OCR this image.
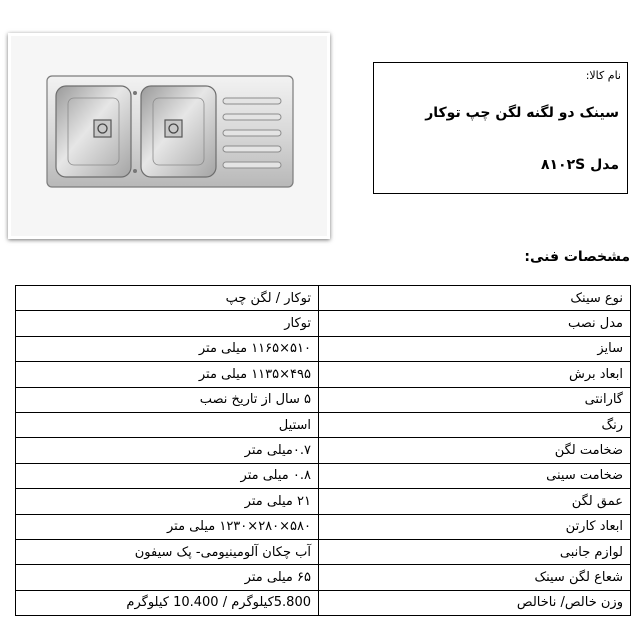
نام کالا:
سینک دو لگنه لگن چپ توکار
مدل ۸۱۰۲S
مشخصات فنی:
نوع سینک	توکار / لگن چپ
مدل نصب	توکار
سایز	۵۱۰×۱۱۶۵ میلی متر
ابعاد برش	۴۹۵×۱۱۳۵ میلی متر
گارانتی	۵ سال از تاریخ نصب
رنگ	استیل
ضخامت لگن	۰.۷میلی متر
ضخامت سینی	۰.۸ میلی متر
عمق لگن	۲۱ میلی متر
ابعاد کارتن	۵۸۰×۲۸۰×۱۲۳۰ میلی متر
لوازم جانبی	آب چکان آلومینیومی- پک سیفون
شعاع لگن سینک	۶۵ میلی متر
وزن خالص/ ناخالص	5.800کیلوگرم / 10.400 کیلوگرم
